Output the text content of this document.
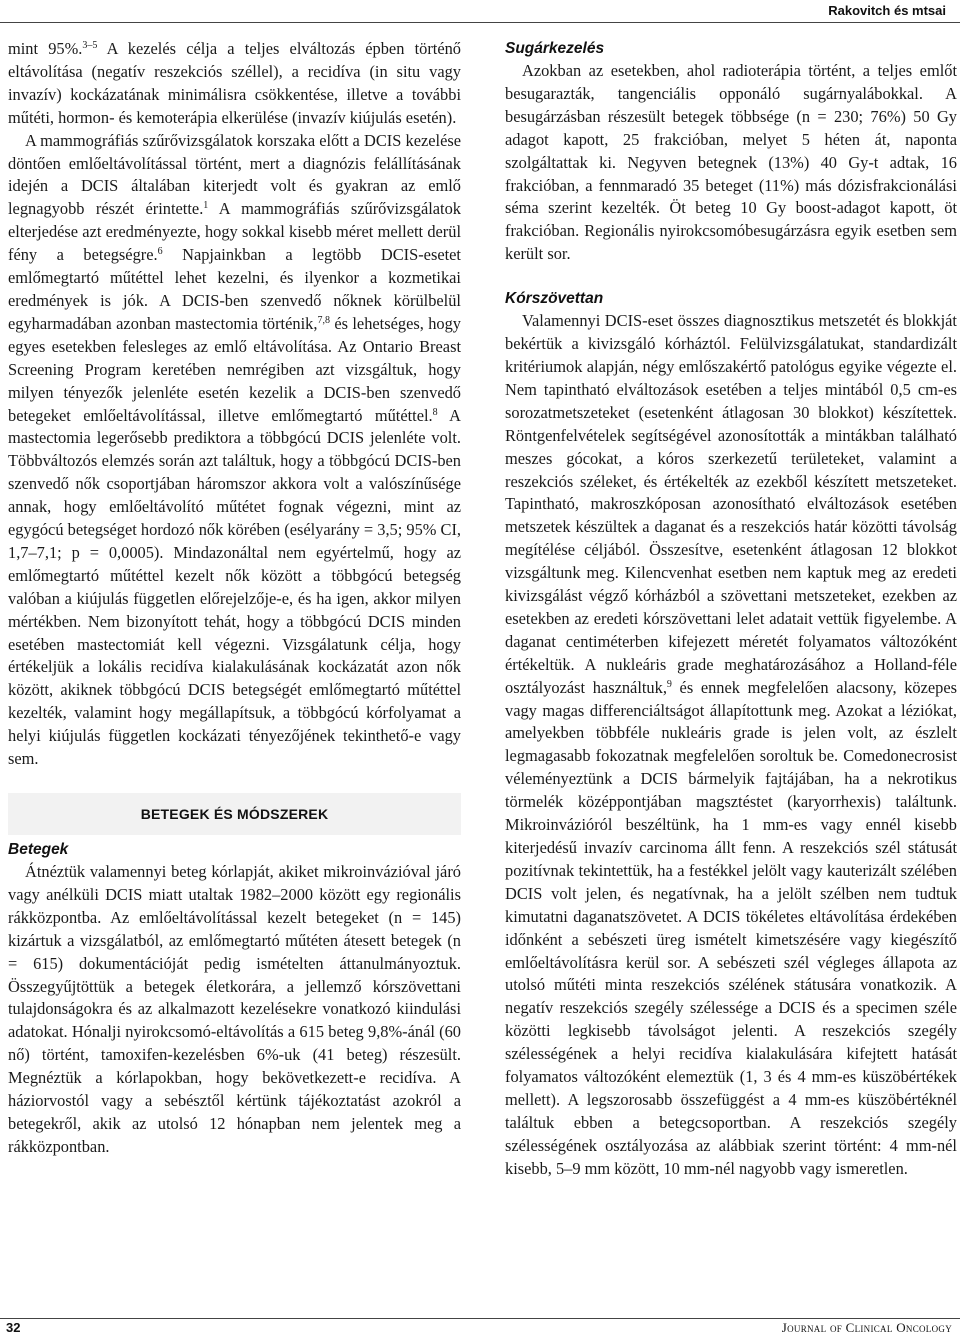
Rakovitch és mtsai

mint 95%.$^{3-5}$ A kezelés célja a teljes elváltozás épben történő eltávolítása (negatív reszekciós széllel), a recidíva (in situ vagy invazív) kockázatának minimálisra csökkentése, illetve a további műtéti, hormon- és kemoterápia elkerülése (invazív kiújulás esetén).

A mammográfiás szűrővizsgálatok korszaka előtt a DCIS kezelése döntően emlőeltávolítással történt, mert a diagnózis felállításának idején a DCIS általában kiterjedt volt és gyakran az emlő legnagyobb részét érintette.$^1$ A mammográfiás szűrővizsgálatok elterjedése azt eredményezte, hogy sokkal kisebb méret mellett derül fény a betegségre.$^6$ Napjainkban a legtöbb DCIS-esetet emlőmegtartó műtéttel lehet kezelni, és ilyenkor a kozmetikai eredmények is jók. A DCIS-ben szenvedő nőknek körülbelül egyharmadában azonban mastectomia történik,$^{7,8}$ és lehetséges, hogy egyes esetekben felesleges az emlő eltávolítása. Az Ontario Breast Screening Program keretében nemrégiben azt vizsgáltuk, hogy milyen tényezők jelenléte esetén kezelik a DCIS-ben szenvedő betegeket emlőeltávolítással, illetve emlőmegtartó műtéttel.$^8$ A mastectomia legerősebb prediktora a többgócú DCIS jelenléte volt. Többváltozós elemzés során azt találtuk, hogy a többgócú DCIS-ben szenvedő nők csoportjában háromszor akkora volt a valószínűsége annak, hogy emlőeltávolító műtétet fognak végezni, mint az egygócú betegséget hordozó nők körében (esélyarány = 3,5; 95% CI, 1,7–7,1; p = 0,0005). Mindazonáltal nem egyértelmű, hogy az emlőmegtartó műtéttel kezelt nők között a többgócú betegség valóban a kiújulás független előrejelzője-e, és ha igen, akkor milyen mértékben. Nem bizonyított tehát, hogy a többgócú DCIS minden esetében mastectomiát kell végezni. Vizsgálatunk célja, hogy értékeljük a lokális recidíva kialakulásának kockázatát azon nők között, akiknek többgócú DCIS betegségét emlőmegtartó műtéttel kezelték, valamint hogy megállapítsuk, a többgócú kórfolyamat a helyi kiújulás független kockázati tényezőjének tekinthető-e vagy sem.

BETEGEK ÉS MÓDSZEREK
Betegek

Átnéztük valamennyi beteg kórlapját, akiket mikroinvázióval járó vagy anélküli DCIS miatt utaltak 1982–2000 között egy regionális rákközpontba. Az emlőeltávolítással kezelt betegeket (n = 145) kizártuk a vizsgálatból, az emlőmegtartó műtéten átesett betegek (n = 615) dokumentációját pedig ismételten áttanulmányoztuk. Összegyűjtöttük a betegek életkorára, a jellemző kórszövettani tulajdonságokra és az alkalmazott kezelésekre vonatkozó kiindulási adatokat. Hónalji nyirokcsomó-eltávolítás a 615 beteg 9,8%-ánál (60 nő) történt, tamoxifen-kezelésben 6%-uk (41 beteg) részesült. Megnéztük a kórlapokban, hogy bekövetkezett-e recidíva. A háziorvostól vagy a sebésztől kértünk tájékoztatást azokról a betegekről, akik az utolsó 12 hónapban nem jelentek meg a rákközpontban.

Sugárkezelés

Azokban az esetekben, ahol radioterápia történt, a teljes emlőt besugarazták, tangenciális opponáló sugárnyalábokkal. A besugárzásban részesült betegek többsége (n = 230; 76%) 50 Gy adagot kapott, 25 frakcióban, melyet 5 héten át, naponta szolgáltattak ki. Negyven betegnek (13%) 40 Gy-t adtak, 16 frakcióban, a fennmaradó 35 beteget (11%) más dózisfrakcionálási séma szerint kezelték. Öt beteg 10 Gy boost-adagot kapott, öt frakcióban. Regionális nyirokcsomóbesugárzásra egyik esetben sem került sor.

Kórszövettan

Valamennyi DCIS-eset összes diagnosztikus metszetét és blokkját bekértük a kivizsgáló kórháztól. Felülvizsgálatukat, standardizált kritériumok alapján, négy emlőszakértő patológus egyike végezte el. Nem tapintható elváltozások esetében a teljes mintából 0,5 cm-es sorozatmetszeteket (esetenként átlagosan 30 blokkot) készítettek. Röntgenfelvételek segítségével azonosították a mintákban található meszes gócokat, a kóros szerkezetű területeket, valamint a reszekciós széleket, és értékelték az ezekből készített metszeteket. Tapintható, makroszkóposan azonosítható elváltozások esetében metszetek készültek a daganat és a reszekciós határ közötti távolság megítélése céljából. Összesítve, esetenként átlagosan 12 blokkot vizsgáltunk meg. Kilencvenhat esetben nem kaptuk meg az eredeti kivizsgálást végző kórházból a szövettani metszeteket, ezekben az esetekben az eredeti kórszövettani lelet adatait vettük figyelembe. A daganat centiméterben kifejezett méretét folyamatos változóként értékeltük. A nukleáris grade meghatározásához a Holland-féle osztályozást használtuk,$^9$ és ennek megfelelően alacsony, közepes vagy magas differenciáltságot állapítottunk meg. Azokat a léziókat, amelyekben többféle nukleáris grade is jelen volt, az észlelt legmagasabb fokozatnak megfelelően soroltuk be. Comedonecrosist véleményeztünk a DCIS bármelyik fajtájában, ha a nekrotikus törmelék középpontjában magsztéstet (karyorrhexis) találtunk. Mikroinvázióról beszéltünk, ha 1 mm-es vagy ennél kisebb kiterjedésű invazív carcinoma állt fenn. A reszekciós szél státusát pozitívnak tekintettük, ha a festékkel jelölt vagy kauterizált szélében DCIS volt jelen, és negatívnak, ha a jelölt szélben nem tudtuk kimutatni daganatszövetet. A DCIS tökéletes eltávolítása érdekében időnként a sebészeti üreg ismételt kimetszésére vagy kiegészítő emlőeltávolításra kerül sor. A sebészeti szél végleges állapota az utolsó műtéti minta reszekciós szélének státusára vonatkozik. A negatív reszekciós szegély szélessége a DCIS és a specimen széle közötti legkisebb távolságot jelenti. A reszekciós szegély szélességének a helyi recidíva kialakulására kifejtett hatását folyamatos változóként elemeztük (1, 3 és 4 mm-es küszöbértékek mellett). A legszorosabb összefüggést a 4 mm-es küszöbértéknél találtuk ebben a betegcsoportban. A reszekciós szegély szélességének osztályozása az alábbiak szerint történt: 4 mm-nél kisebb, 5–9 mm között, 10 mm-nél nagyobb vagy ismeretlen.

32	Journal of Clinical Oncology
